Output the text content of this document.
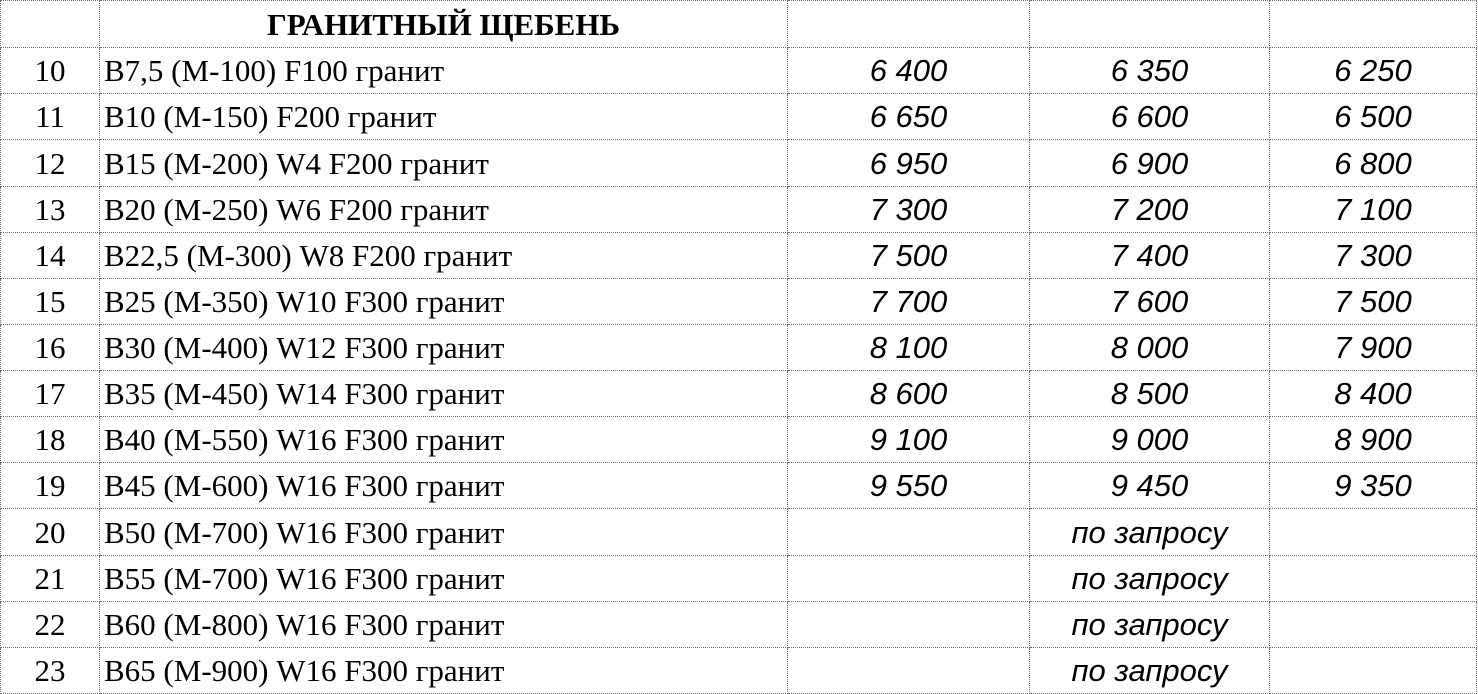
	ГРАНИТНЫЙ ЩЕБЕНЬ			
10	В7,5 (М-100) F100 гранит	6 400	6 350	6 250
11	В10 (М-150) F200 гранит	6 650	6 600	6 500
12	В15 (М-200) W4 F200 гранит	6 950	6 900	6 800
13	В20 (М-250) W6 F200 гранит	7 300	7 200	7 100
14	В22,5 (М-300) W8 F200 гранит	7 500	7 400	7 300
15	В25 (М-350) W10 F300 гранит	7 700	7 600	7 500
16	В30 (М-400) W12 F300 гранит	8 100	8 000	7 900
17	В35 (М-450) W14 F300 гранит	8 600	8 500	8 400
18	В40 (М-550) W16 F300 гранит	9 100	9 000	8 900
19	В45 (М-600) W16 F300 гранит	9 550	9 450	9 350
20	В50 (М-700) W16 F300 гранит		по запросу	
21	В55 (М-700) W16 F300 гранит		по запросу	
22	В60 (М-800) W16 F300 гранит		по запросу	
23	В65 (М-900) W16 F300 гранит		по запросу	
